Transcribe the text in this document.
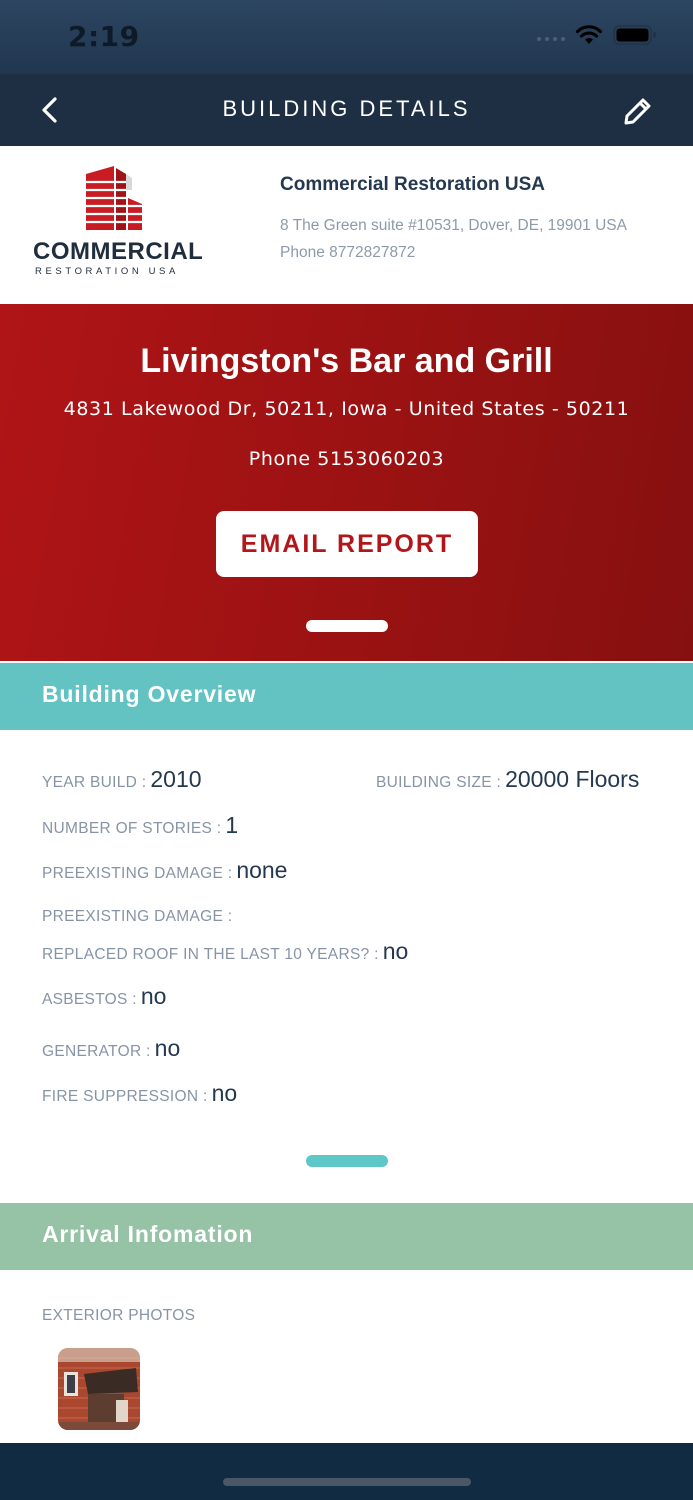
2:19
BUILDING DETAILS
COMMERCIAL
RESTORATION USA
Commercial Restoration USA
8 The Green suite #10531, Dover, DE, 19901 USA Phone 8772827872
Livingston's Bar and Grill
4831 Lakewood Dr, 50211, Iowa - United States - 50211
Phone 5153060203
EMAIL REPORT
Building Overview
YEAR BUILD : 2010	BUILDING SIZE : 20000 Floors
NUMBER OF STORIES : 1
PREEXISTING DAMAGE : none
PREEXISTING DAMAGE :
REPLACED ROOF IN THE LAST 10 YEARS? : no
ASBESTOS : no
GENERATOR : no
FIRE SUPPRESSION : no
Arrival Infomation
EXTERIOR PHOTOS
